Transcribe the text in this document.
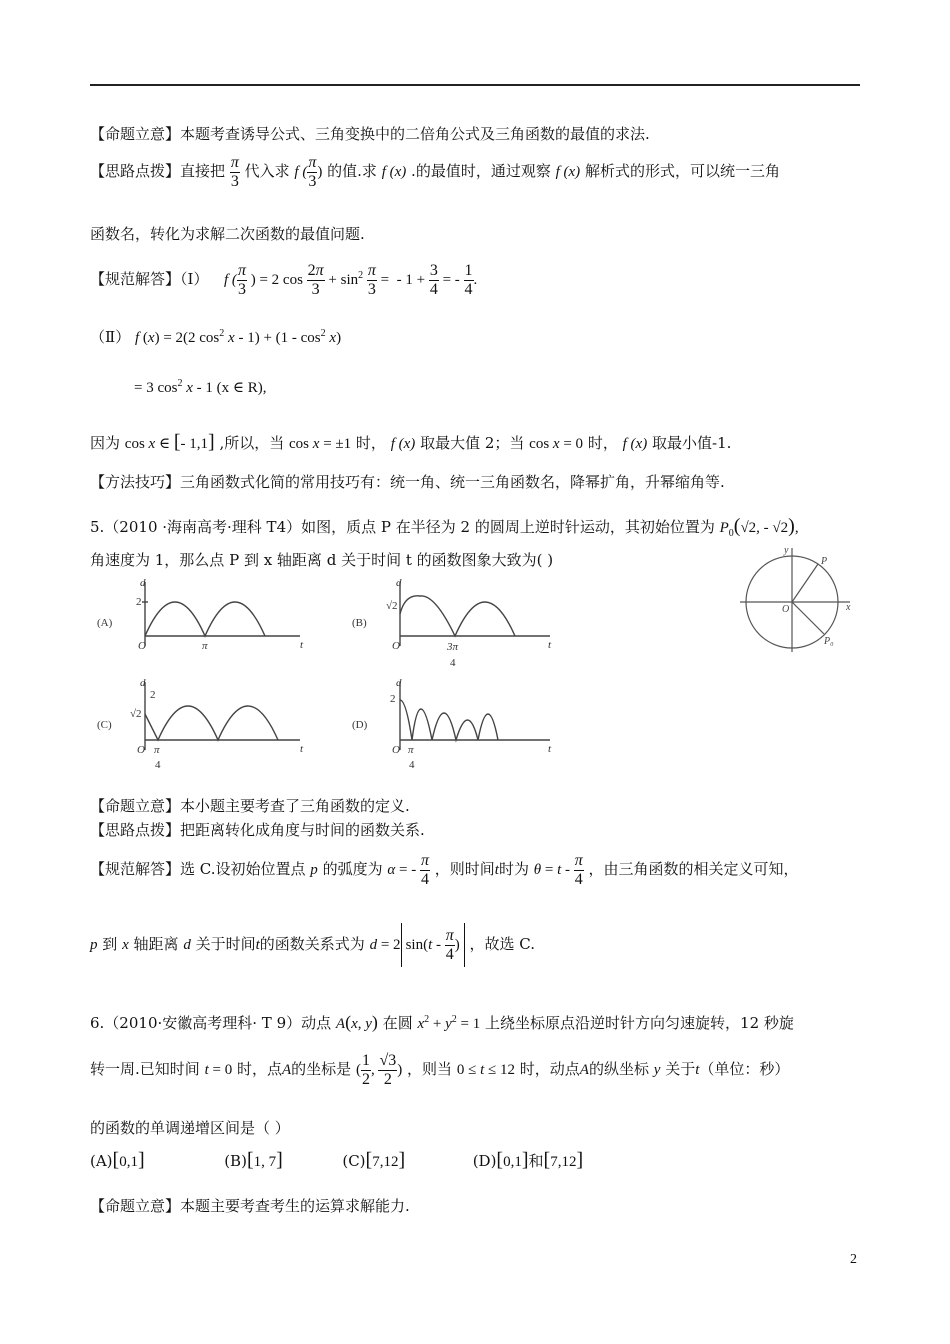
【命题立意】本题考查诱导公式、三角变换中的二倍角公式及三角函数的最值的求法.
【思路点拨】直接把 $\frac{\pi}{3}$ 代入求 f ( $\frac{\pi}{3}$ ) 的值.求 f (x) .的最值时，通过观察 f (x) 解析式的形式，可以统一三角
函数名，转化为求解二次函数的最值问题.
【规范解答】（Ⅰ） f ( $\frac{\pi}{3}$ ) = 2 $\cos \frac{2\pi}{3} + \sin^2 \frac{\pi}{3}$ =  - $1 + \frac{3}{4}$ = - $\frac{1}{4}$ .
（Ⅱ） f (x) = 2(2 $\cos^2 x - 1) + (1 - \cos^2 x)$
= 3 $\cos^2 x - 1$ (x ∈ R),
因为 cos x ∈ [- 1,1] ,所以，当 cos x = ±1 时， f (x) 取最大值 2；当 cos x = 0 时， f (x) 取最小值-1.
【方法技巧】三角函数式化简的常用技巧有：统一角、统一三角函数名，降幂扩角，升幂缩角等.
5.（2010 ·海南高考·理科 T4）如图，质点 P 在半径为 2 的圆周上逆时针运动，其初始位置为 $P_0(√2$, - √2),
角速度为 1，那么点 P 到 x 轴距离 d 关于时间 t 的函数图象大致为( )
(A)	(B)
(C)	(D)
d
2
O	π	t
d
√2
O	3π
4
t
d
2
√2
O π
4
t
d
2
O π
4
t
y
P
x
O
P₀
【命题立意】本小题主要考查了三角函数的定义.
【思路点拨】把距离转化成角度与时间的函数关系.
【规范解答】选 C.设初始位置点 p 的弧度为 α = - $\frac{\pi}{4}$ ，则时间t时为 $\theta = t - \frac{\pi}{4}$ ，由三角函数的相关定义可知，
p 到 x 轴距离 d 关于时间t的函数关系式为 d = 2 $\sin(t - \frac{\pi}{4}$ ) ，故选 C.
6.（2010·安徽高考理科· T 9）动点 A(x, y) 在圆 $x^2 + y^2 = 1$ 上绕坐标原点沿逆时针方向匀速旋转，12 秒旋
转一周.已知时间 t = 0 时，点A的坐标是 ( $\frac{1}{2}$ , $\frac{√3}{2}$ ) ，则当 0 ≤ t ≤ 12 时，动点A的纵坐标 y 关于t（单位：秒）
的函数的单调递增区间是（ ）
(A)[0,1]	(B)[1, 7]	(C)[7,12]	(D)[0,1]和[7,12]
【命题立意】本题主要考查考生的运算求解能力.
2
